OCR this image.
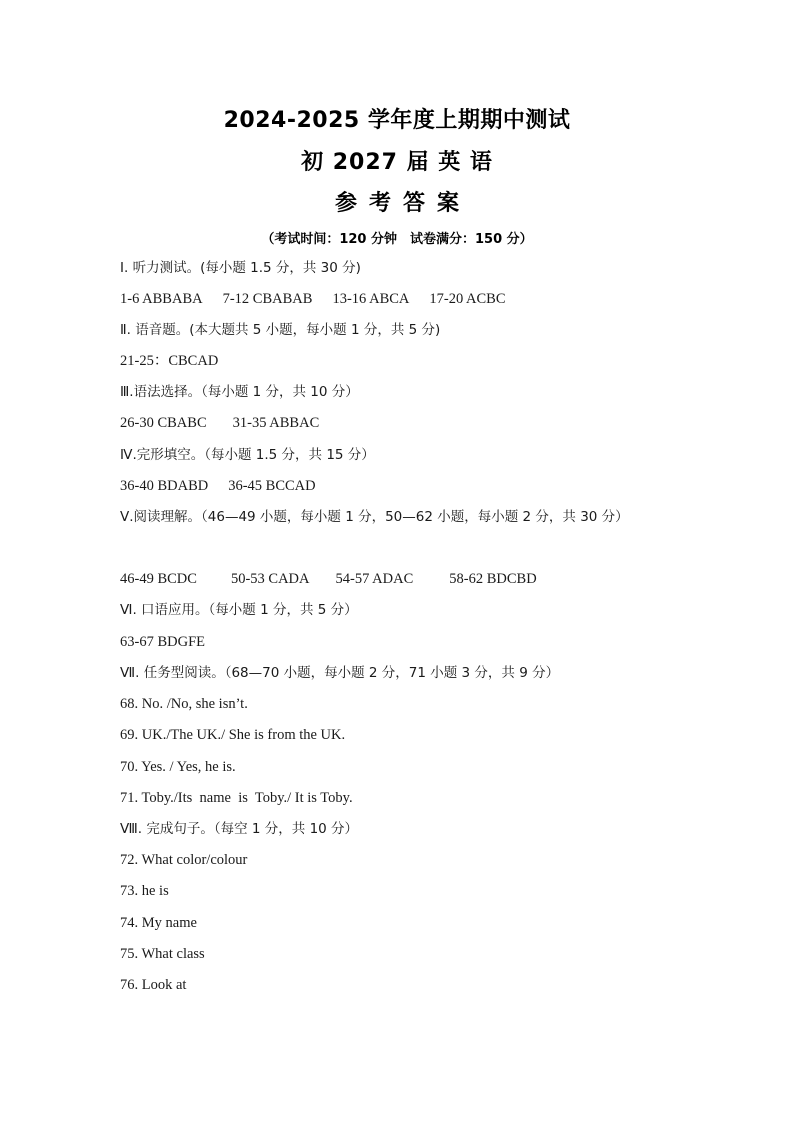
2024-2025 学年度上期期中测试
初 2027 届 英 语
参考答案
（考试时间：120 分钟　试卷满分：150 分）
Ⅰ. 听力测试。(每小题 1.5 分，共 30 分)
1-6 ABBABA 7-12 CBABAB 13-16 ABCA 17-20 ACBC
Ⅱ. 语音题。(本大题共 5 小题，每小题 1 分，共 5 分)
21-25：CBCAD
Ⅲ.语法选择。（每小题 1 分，共 10 分）
26-30 CBABC 31-35 ABBAC
Ⅳ.完形填空。（每小题 1.5 分，共 15 分）
36-40 BDABD 36-45 BCCAD
Ⅴ.阅读理解。（46—49 小题，每小题 1 分，50—62 小题，每小题 2 分，共 30 分）
46-49 BCDC 50-53 CADA 54-57 ADAC 58-62 BDCBD
Ⅵ. 口语应用。（每小题 1 分，共 5 分）
63-67 BDGFE
Ⅶ. 任务型阅读。（68—70 小题，每小题 2 分，71 小题 3 分，共 9 分）
68. No. /No, she isn’t.
69. UK./The UK./ She is from the UK.
70. Yes. / Yes, he is.
71. Toby./Its  name  is  Toby./ It is Toby.
Ⅷ. 完成句子。（每空 1 分，共 10 分）
72. What color/colour
73. he is
74. My name
75. What class
76. Look at
